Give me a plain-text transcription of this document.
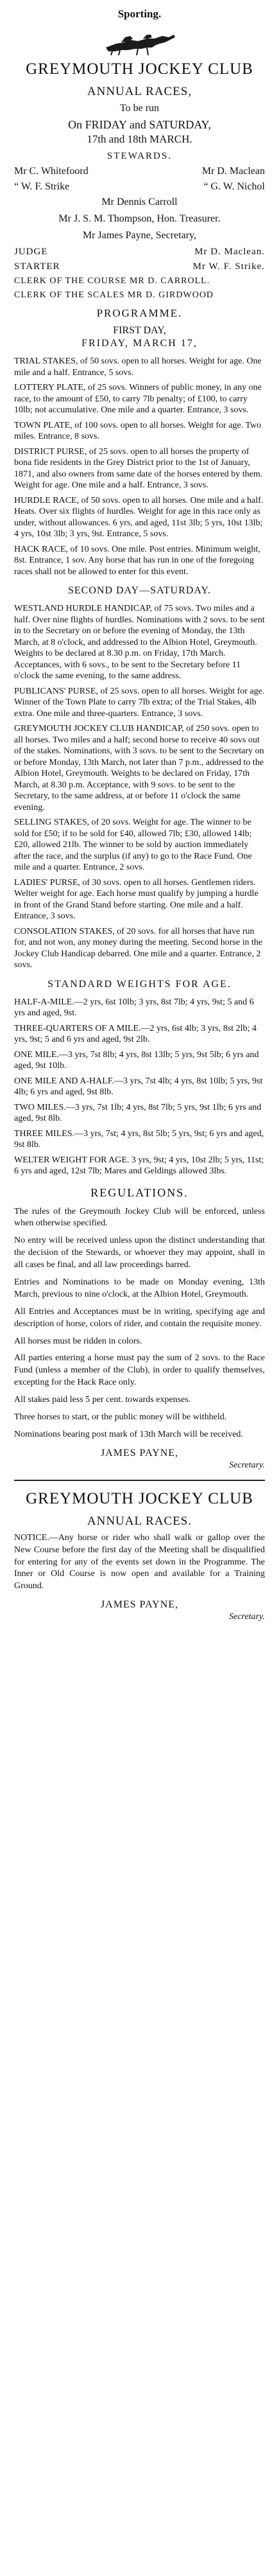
Sporting.
GREYMOUTH JOCKEY CLUB
ANNUAL RACES,
To be run
On FRIDAY and SATURDAY,
17th and 18th MARCH.
STEWARDS.
Mr C. Whitefoord	Mr D. Maclean
“ W. F. Strike	“ G. W. Nichol
Mr Dennis Carroll
Mr J. S. M. Thompson, Hon. Treasurer.
Mr James Payne, Secretary,
JUDGE	Mr D. Maclean.
STARTER	Mr W. F. Strike.
CLERK OF THE COURSE MR D. CARROLL.
CLERK OF THE SCALES MR D. GIRDWOOD
PROGRAMME.
FIRST DAY,
FRIDAY, MARCH 17,

TRIAL STAKES, of 50 sovs. open to all horses. Weight for age. One mile and a half. Entrance, 5 sovs.

LOTTERY PLATE, of 25 sovs. Winners of public money, in any one race, to the amount of £50, to carry 7lb penalty; of £100, to carry 10lb; not accumulative. One mile and a quarter. Entrance, 3 sovs.

TOWN PLATE, of 100 sovs. open to all horses. Weight for age. Two miles. Entrance, 8 sovs.

DISTRICT PURSE, of 25 sovs. open to all horses the property of bona fide residents in the Grey District prior to the 1st of January, 1871, and also owners from same date of the horses entered by them. Weight for age. One mile and a half. Entrance, 3 sovs.

HURDLE RACE, of 50 sovs. open to all horses. One mile and a half. Heats. Over six flights of hurdles. Weight for age in this race only as under, without allowances. 6 yrs, and aged, 11st 3lb; 5 yrs, 10st 13lb; 4 yrs, 10st 3lb; 3 yrs, 9st. Entrance, 5 sovs.

HACK RACE, of 10 sovs. One mile. Post entries. Minimum weight, 8st. Entrance, 1 sov. Any horse that has run in one of the foregoing races shall not be allowed to enter for this event.

SECOND DAY—SATURDAY.

WESTLAND HURDLE HANDICAP, of 75 sovs. Two miles and a half. Over nine flights of hurdles. Nominations with 2 sovs. to be sent in to the Secretary on or before the evening of Monday, the 13th March, at 8 o'clock, and addressed to the Albion Hotel, Greymouth. Weights to be declared at 8.30 p.m. on Friday, 17th March. Acceptances, with 6 sovs., to be sent to the Secretary before 11 o'clock the same evening, to the same address.

PUBLICANS' PURSE, of 25 sovs. open to all horses. Weight for age. Winner of the Town Plate to carry 7lb extra; of the Trial Stakes, 4lb extra. One mile and three-quarters. Entrance, 3 sovs.

GREYMOUTH JOCKEY CLUB HANDICAP, of 250 sovs. open to all horses. Two miles and a half; second horse to receive 40 sovs out of the stakes. Nominations, with 3 sovs. to be sent to the Secretary on or before Monday, 13th March, not later than 7 p.m., addressed to the Albion Hotel, Greymouth. Weights to be declared on Friday, 17th March, at 8.30 p.m. Acceptance, with 9 sovs. to be sent to the Secretary, to the same address, at or before 11 o'clock the same evening.

SELLING STAKES, of 20 sovs. Weight for age. The winner to be sold for £50; if to be sold for £40, allowed 7lb; £30, allowed 14lb; £20, allowed 21lb. The winner to be sold by auction immediately after the race, and the surplus (if any) to go to the Race Fund. One mile and a quarter. Entrance, 2 sovs.

LADIES' PURSE, of 30 sovs. open to all horses. Gentlemen riders. Welter weight for age. Each horse must qualify by jumping a hurdle in front of the Grand Stand before starting. One mile and a half. Entrance, 3 sovs.

CONSOLATION STAKES, of 20 sovs. for all horses that have run for, and not won, any money during the meeting. Second horse in the Jockey Club Handicap debarred. One mile and a quarter. Entrance, 2 sovs.

STANDARD WEIGHTS FOR AGE.

HALF-A-MILE.—2 yrs, 6st 10lb; 3 yrs, 8st 7lb; 4 yrs, 9st; 5 and 6 yrs and aged, 9st.

THREE-QUARTERS OF A MILE.—2 yrs, 6st 4lb; 3 yrs, 8st 2lb; 4 yrs, 9st; 5 and 6 yrs and aged, 9st 2lb.

ONE MILE.—3 yrs, 7st 8lb; 4 yrs, 8st 13lb; 5 yrs, 9st 5lb; 6 yrs and aged, 9st 10lb.

ONE MILE AND A-HALF.—3 yrs, 7st 4lb; 4 yrs, 8st 10lb; 5 yrs, 9st 4lb; 6 yrs and aged, 9st 8lb.

TWO MILES.—3 yrs, 7st 1lb; 4 yrs, 8st 7lb; 5 yrs, 9st 1lb; 6 yrs and aged, 9st 8lb.

THREE MILES.—3 yrs, 7st; 4 yrs, 8st 5lb; 5 yrs, 9st; 6 yrs and aged, 9st 8lb.

WELTER WEIGHT FOR AGE. 3 yrs, 9st; 4 yrs, 10st 2lb; 5 yrs, 11st; 6 yrs and aged, 12st 7lb; Mares and Geldings allowed 3lbs.

REGULATIONS.

The rules of the Greymouth Jockey Club will be enforced, unless when otherwise specified.

No entry will be received unless upon the distinct understanding that the decision of the Stewards, or whoever they may appoint, shall in all cases be final, and all law proceedings barred.

Entries and Nominations to be made on Monday evening, 13th March, previous to nine o'clock, at the Albion Hotel, Greymouth.

All Entries and Acceptances must be in writing, specifying age and description of horse, colors of rider, and contain the requisite money.

All horses must be ridden in colors.

All parties entering a horse must pay the sum of 2 sovs. to the Race Fund (unless a member of the Club), in order to qualify themselves, excepting for the Hack Race only.

All stakes paid less 5 per cent. towards expenses.

Three horses to start, or the public money will be withheld.

Nominations bearing post mark of 13th March will be received.

JAMES PAYNE,
Secretary.
GREYMOUTH JOCKEY CLUB
ANNUAL RACES.

NOTICE.—Any horse or rider who shall walk or gallop over the New Course before the first day of the Meeting shall be disqualified for entering for any of the events set down in the Programme. The Inner or Old Course is now open and available for a Training Ground.

JAMES PAYNE,
Secretary.
